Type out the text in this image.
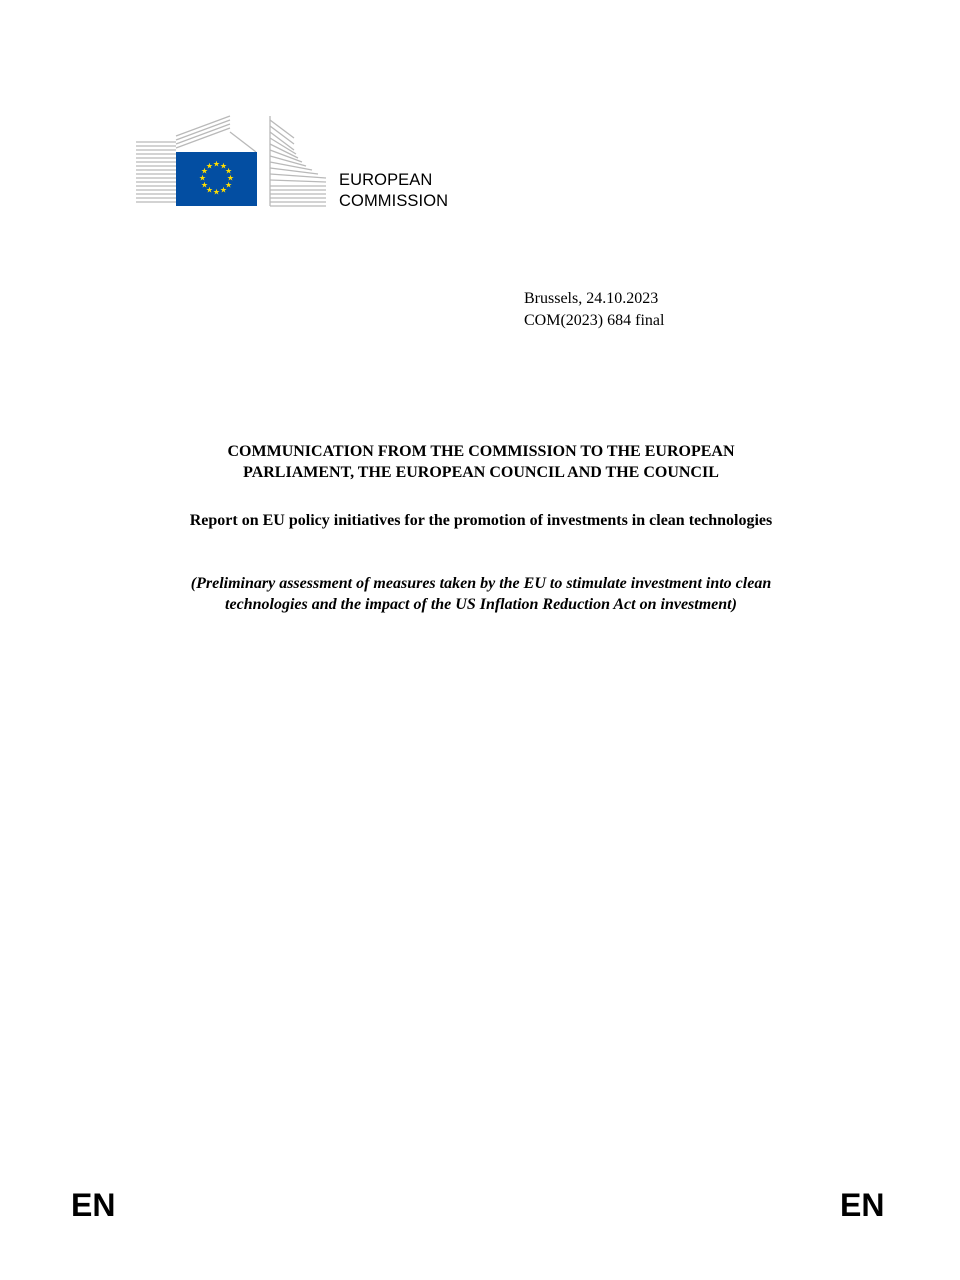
★ ★
★
★
★
★
★
★
★
★
★
★
EUROPEAN
COMMISSION
Brussels, 24.10.2023
COM(2023) 684 final
COMMUNICATION FROM THE COMMISSION TO THE EUROPEAN
PARLIAMENT, THE EUROPEAN COUNCIL AND THE COUNCIL
Report on EU policy initiatives for the promotion of investments in clean technologies
(Preliminary assessment of measures taken by the EU to stimulate investment into clean
technologies and the impact of the US Inflation Reduction Act on investment)
EN	EN
